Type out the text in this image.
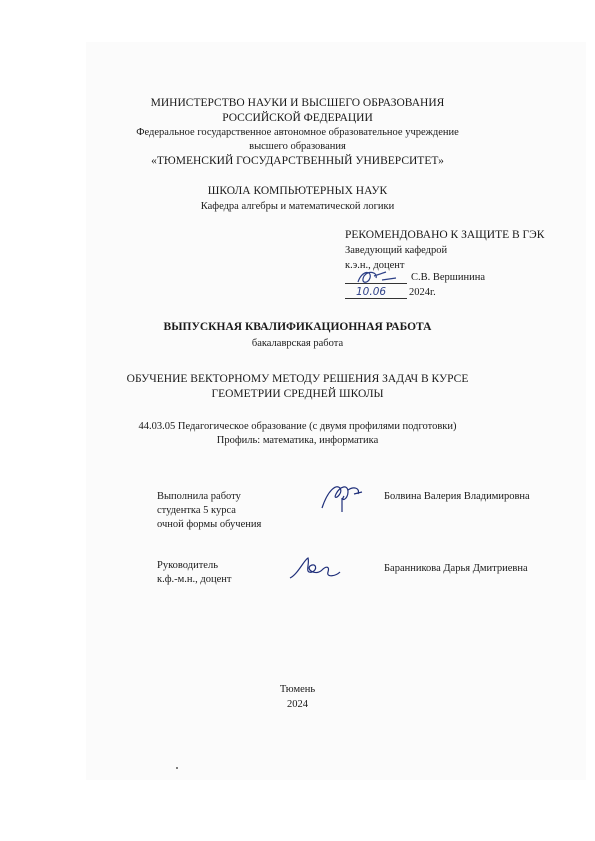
МИНИСТЕРСТВО НАУКИ И ВЫСШЕГО ОБРАЗОВАНИЯ
РОССИЙСКОЙ ФЕДЕРАЦИИ
Федеральное государственное автономное образовательное учреждение
высшего образования
«ТЮМЕНСКИЙ ГОСУДАРСТВЕННЫЙ УНИВЕРСИТЕТ»
ШКОЛА КОМПЬЮТЕРНЫХ НАУК
Кафедра алгебры и математической логики
РЕКОМЕНДОВАНО К ЗАЩИТЕ В ГЭК
Заведующий кафедрой
к.э.н., доцент
С.В. Вершинина
10.06 2024г.
ВЫПУСКНАЯ КВАЛИФИКАЦИОННАЯ РАБОТА
бакалаврская работа
ОБУЧЕНИЕ ВЕКТОРНОМУ МЕТОДУ РЕШЕНИЯ ЗАДАЧ В КУРСЕ
ГЕОМЕТРИИ СРЕДНЕЙ ШКОЛЫ
44.03.05 Педагогическое образование (с двумя профилями подготовки)
Профиль: математика, информатика
Выполнила работу
студентка 5 курса
очной формы обучения
Болвина Валерия Владимировна
Руководитель
к.ф.-м.н., доцент
Баранникова Дарья Дмитриевна
Тюмень
2024
